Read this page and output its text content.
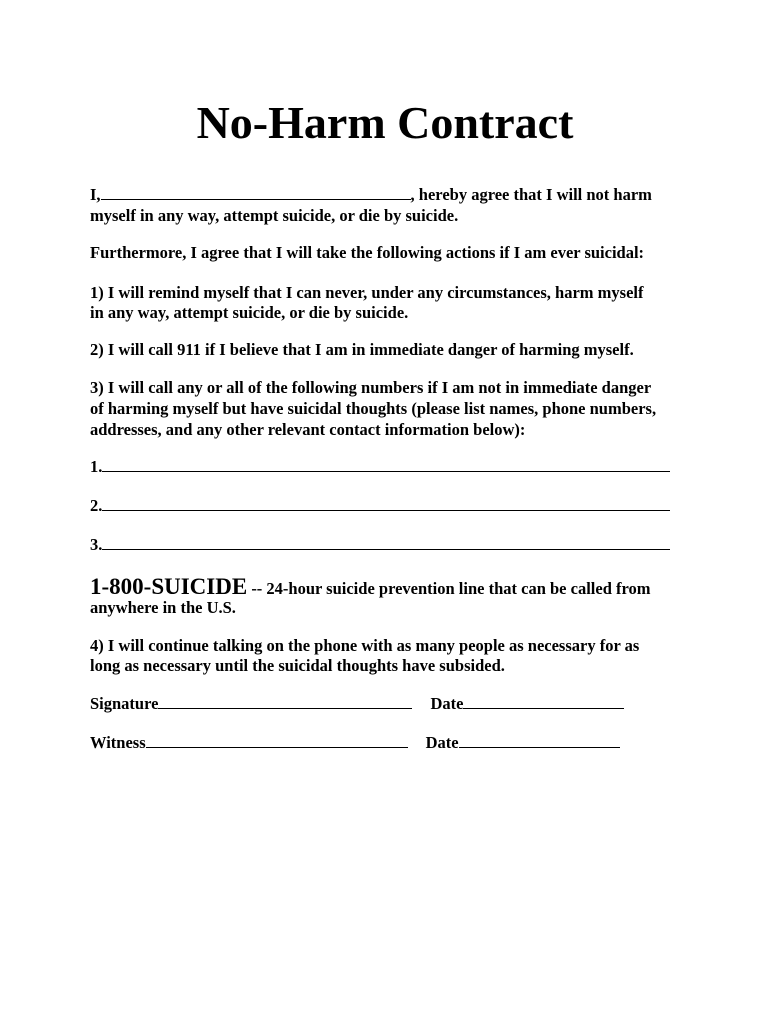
No-Harm Contract
I,	, hereby agree that I will not harm
myself in any way, attempt suicide, or die by suicide.
Furthermore, I agree that I will take the following actions if I am ever suicidal:
1) I will remind myself that I can never, under any circumstances, harm myself
in any way, attempt suicide, or die by suicide.
2) I will call 911 if I believe that I am in immediate danger of harming myself.
3) I will call any or all of the following numbers if I am not in immediate danger
of harming myself but have suicidal thoughts (please list names, phone numbers,
addresses, and any other relevant contact information below):
1.
2.
3.
1-800-SUICIDE -- 24-hour suicide prevention line that can be called from
anywhere in the U.S.
4) I will continue talking on the phone with as many people as necessary for as
long as necessary until the suicidal thoughts have subsided.
Signature	Date
Witness	Date
